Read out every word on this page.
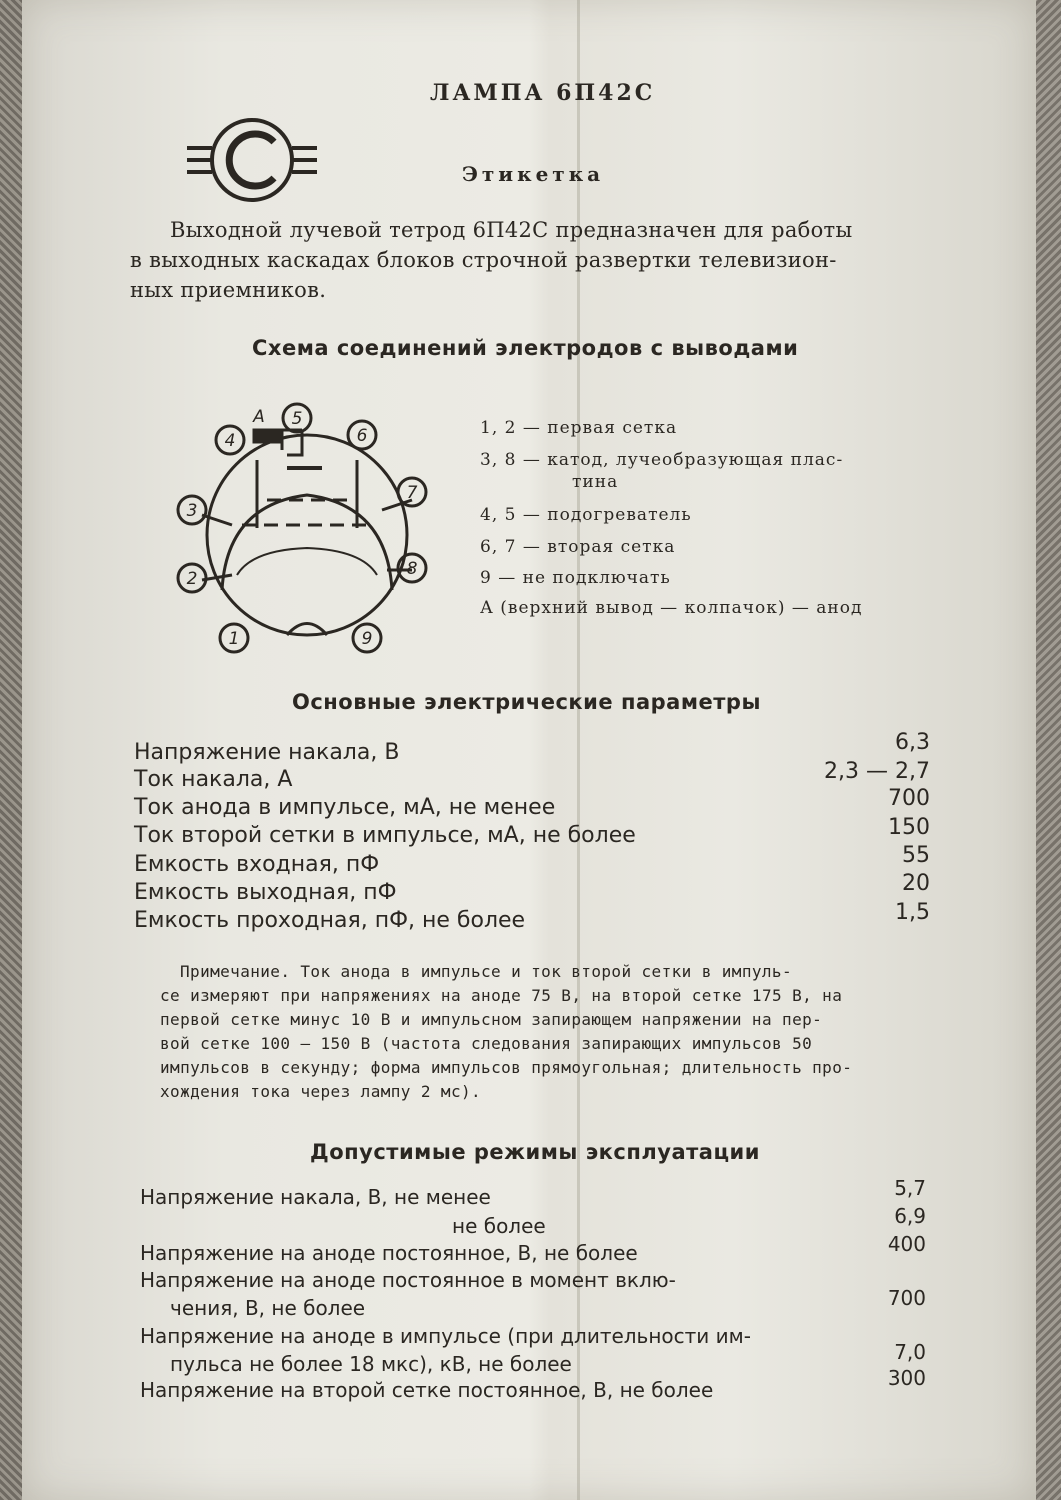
ЛАМПА 6П42С
Этикетка
Выходной лучевой тетрод 6П42С предназначен для работы
в выходных каскадах блоков строчной развертки телевизион-
ных приемников.
Схема соединений электродов с выводами
4
5
6
3
7
2	8
1	9
А
1, 2 — первая сетка
3, 8 — катод, лучеобразующая плас-
тина
4, 5 — подогреватель
6, 7 — вторая сетка
9 — не подключать
А (верхний вывод — колпачок) — анод
Основные электрические параметры
Напряжение накала, В	6,3
Ток накала, А	2,3 — 2,7
Ток анода в импульсе, мА, не менее	700
Ток второй сетки в импульсе, мА, не более	150
Емкость входная, пФ	55
Емкость выходная, пФ	20
Емкость проходная, пФ, не более	1,5
Примечание. Ток анода в импульсе и ток второй сетки в импуль-
се измеряют при напряжениях на аноде 75 В, на второй сетке 175 В, на
первой сетке минус 10 В и импульсном запирающем напряжении на пер-
вой сетке 100 — 150 В (частота следования запирающих импульсов 50
импульсов в секунду; форма импульсов прямоугольная; длительность про-
хождения тока через лампу 2 мс).
Допустимые режимы эксплуатации
Напряжение накала, В, не менее	5,7
не более	6,9
Напряжение на аноде постоянное, В, не более	400
Напряжение на аноде постоянное в момент вклю-
чения, В, не более	700
Напряжение на аноде в импульсе (при длительности им-
пульса не более 18 мкс), кВ, не более	7,0
Напряжение на второй сетке постоянное, В, не более	300
